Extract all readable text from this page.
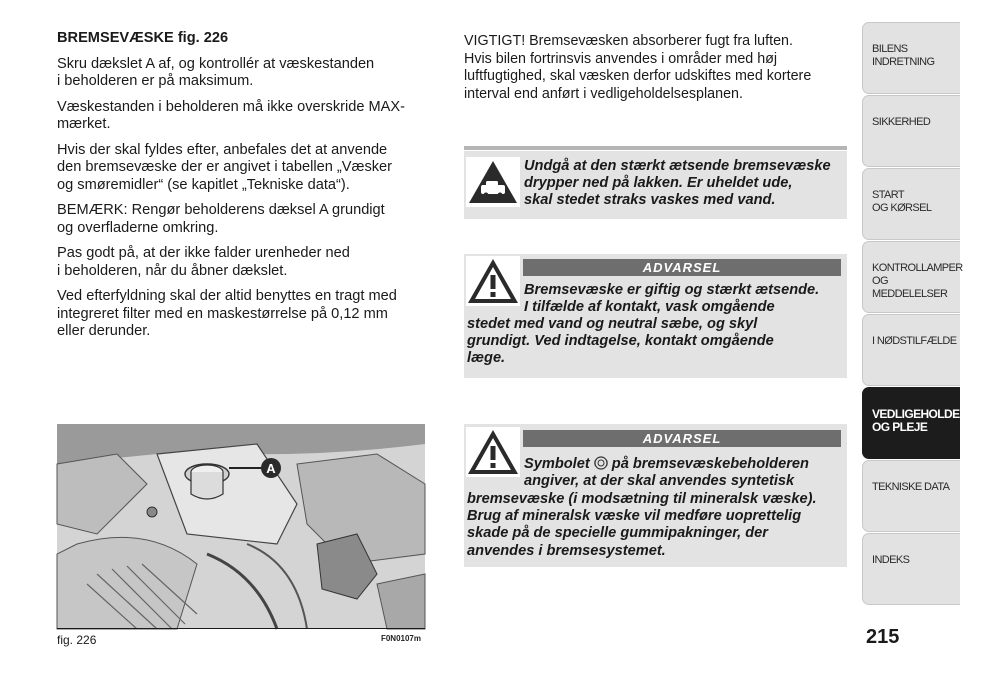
BREMSEVÆSKE fig. 226

Skru dækslet A af, og kontrollér at væskestanden
i beholderen er på maksimum.

Væskestanden i beholderen må ikke overskride MAX-
mærket.

Hvis der skal fyldes efter, anbefales det at anvende
den bremsevæske der er angivet i tabellen „Væsker
og smøremidler“ (se kapitlet „Tekniske data“).

BEMÆRK: Rengør beholderens dæksel A grundigt
og overfladerne omkring.

Pas godt på, at der ikke falder urenheder ned
i beholderen, når du åbner dækslet.

Ved efterfyldning skal der altid benyttes en tragt med
integreret filter med en maskestørrelse på 0,12 mm
eller derunder.

A
fig. 226	F0N0107m
VIGTIGT! Bremsevæsken absorberer fugt fra luften.
Hvis bilen fortrinsvis anvendes i områder med høj
luftfugtighed, skal væsken derfor udskiftes med kortere
interval end anført i vedligeholdelsesplanen.
Undgå at den stærkt ætsende bremsevæske
drypper ned på lakken. Er uheldet ude,
skal stedet straks vaskes med vand.
ADVARSEL
Bremsevæske er giftig og stærkt ætsende.
I tilfælde af kontakt, vask omgående
stedet med vand og neutral sæbe, og skyl
grundigt. Ved indtagelse, kontakt omgående
læge.
ADVARSEL
Symbolet  på bremsevæskebeholderen
angiver, at der skal anvendes syntetisk
bremsevæske (i modsætning til mineralsk væske).
Brug af mineralsk væske vil medføre uoprettelig
skade på de specielle gummipakninger, der
anvendes i bremsesystemet.
BILENS
INDRETNING
SIKKERHED
START
OG KØRSEL
KONTROLLAMPER
OG MEDDELELSER
I NØDSTILFÆLDE
VEDLIGEHOLDELSE
OG PLEJE
TEKNISKE DATA
INDEKS
215
